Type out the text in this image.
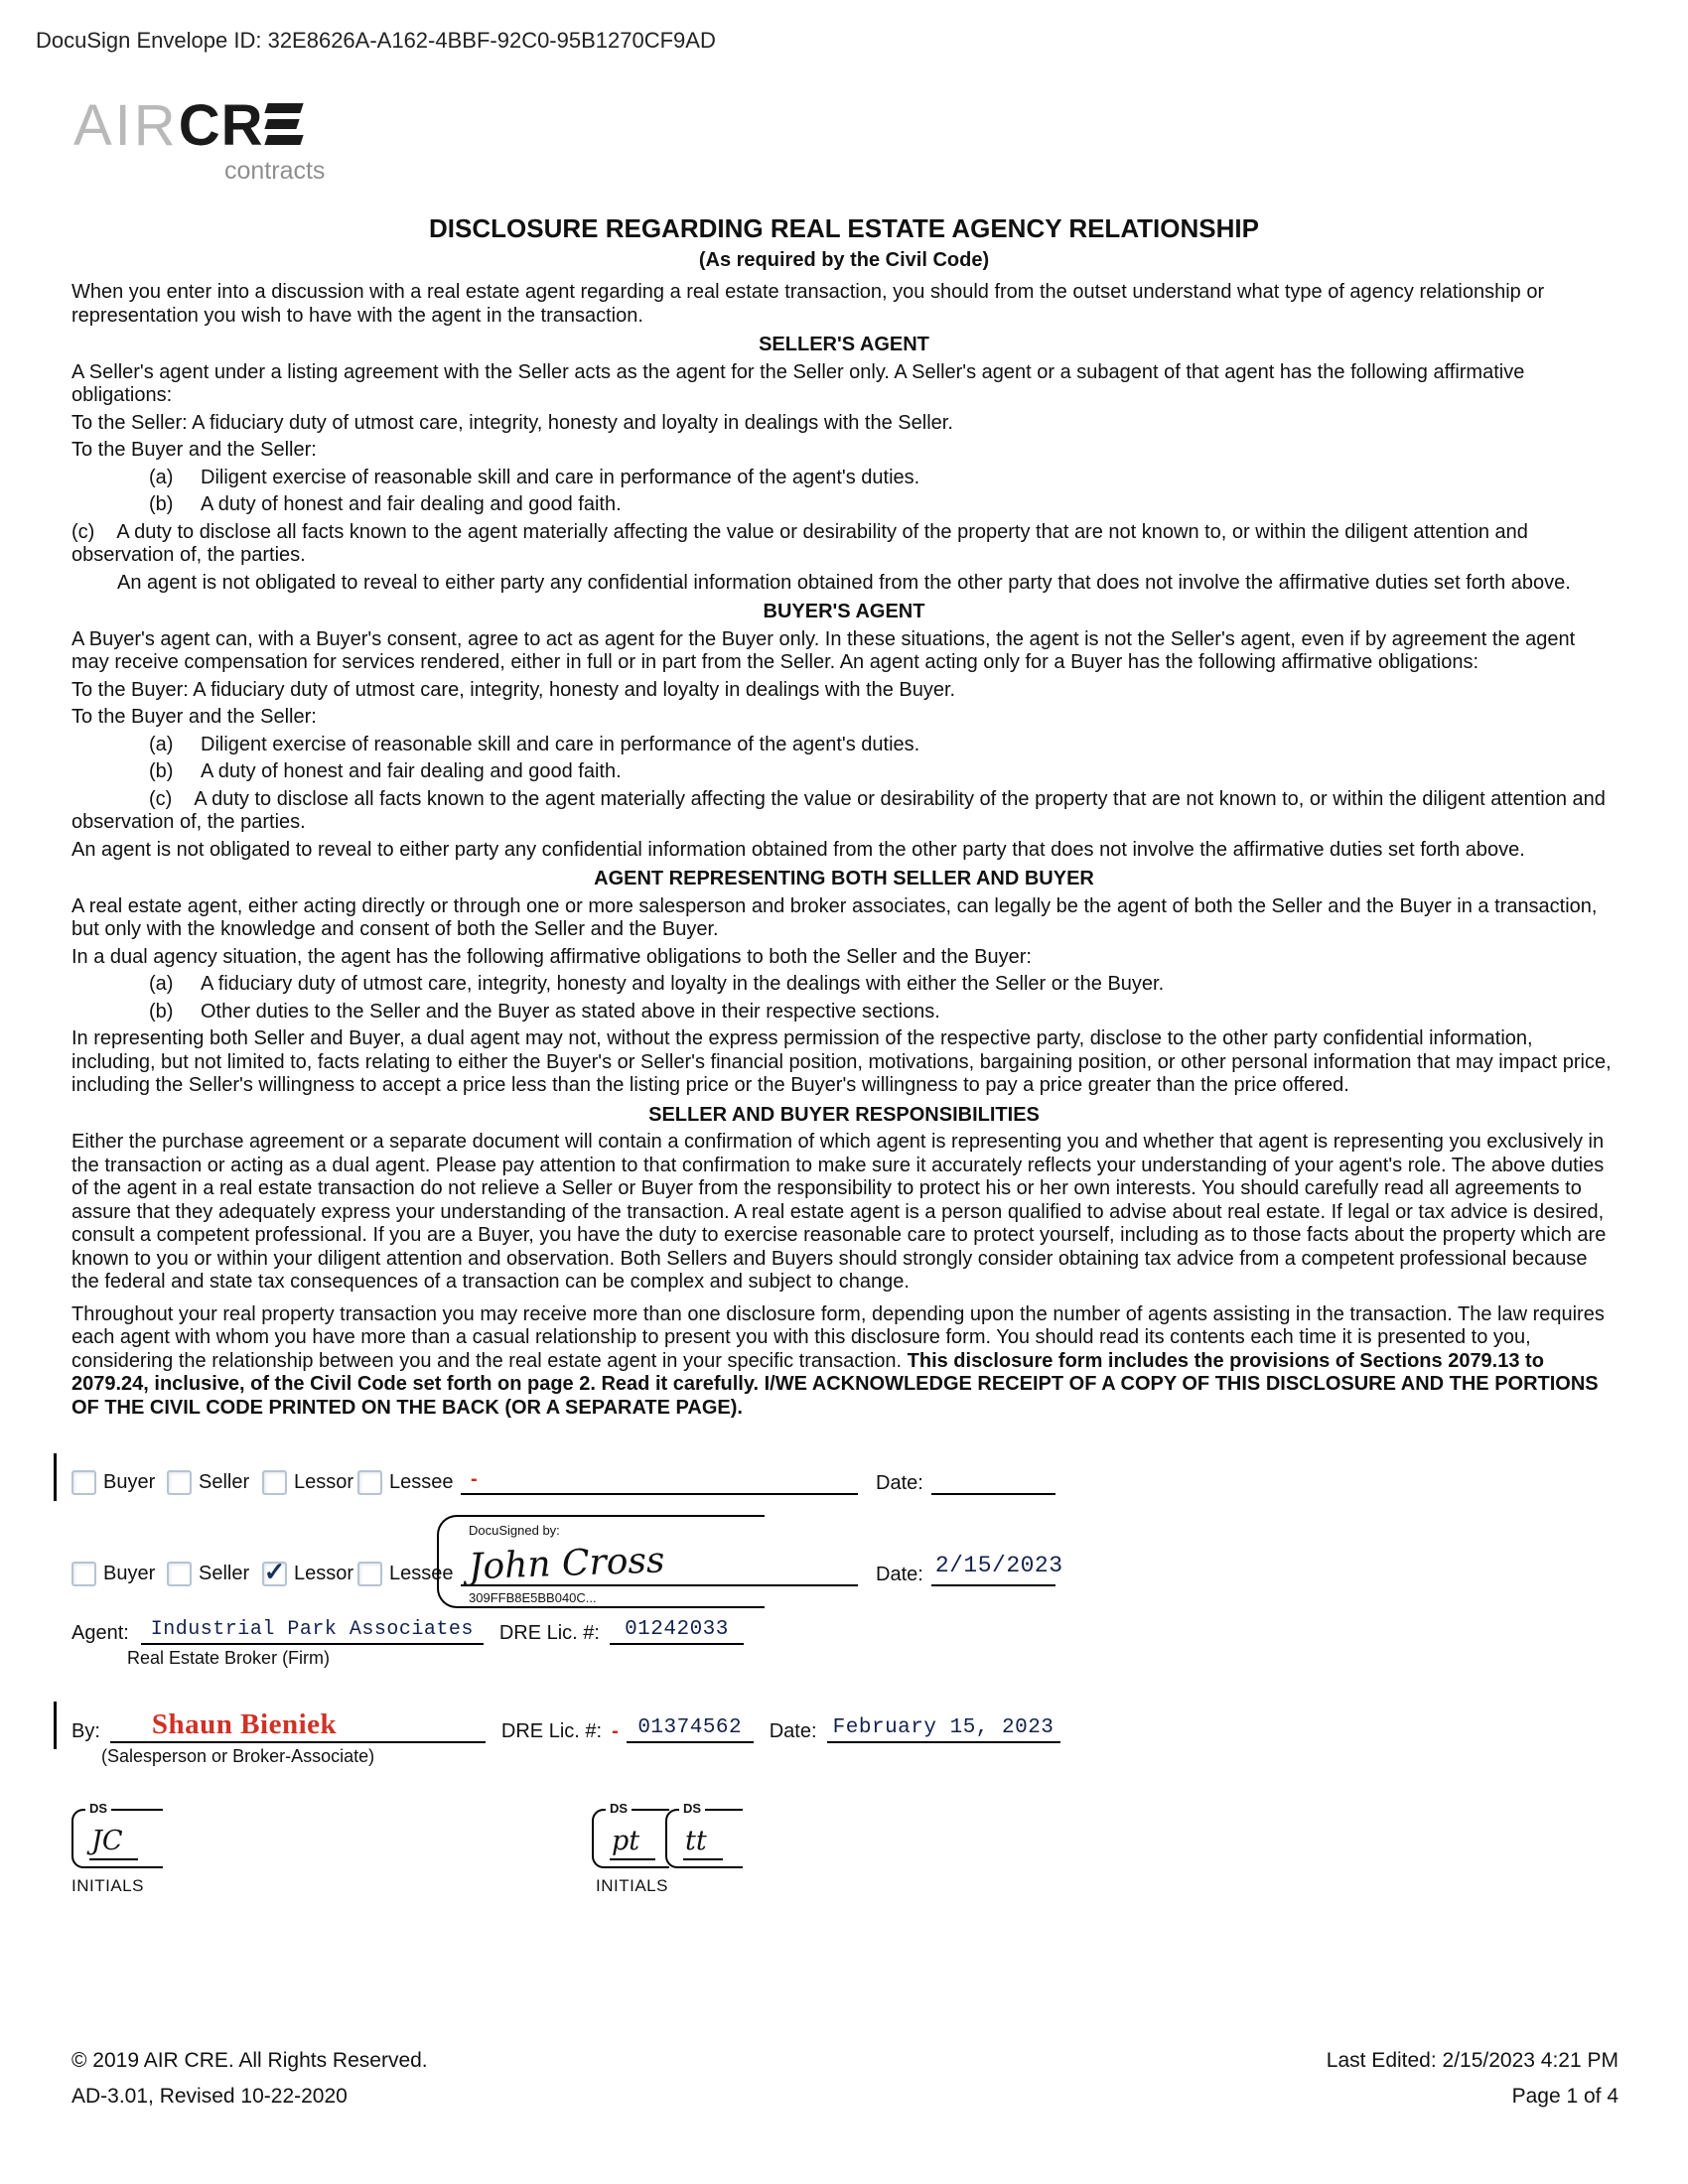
DocuSign Envelope ID: 32E8626A-A162-4BBF-92C0-95B1270CF9AD
AIRCR
contracts
DISCLOSURE REGARDING REAL ESTATE AGENCY RELATIONSHIP
(As required by the Civil Code)

When you enter into a discussion with a real estate agent regarding a real estate transaction, you should from the outset understand what type of agency relationship or representation you wish to have with the agent in the transaction.

SELLER'S AGENT

A Seller's agent under a listing agreement with the Seller acts as the agent for the Seller only. A Seller's agent or a subagent of that agent has the following affirmative obligations:

To the Seller: A fiduciary duty of utmost care, integrity, honesty and loyalty in dealings with the Seller.

To the Buyer and the Seller:

(a) Diligent exercise of reasonable skill and care in performance of the agent's duties.
(b) A duty of honest and fair dealing and good faith.

(c) A duty to disclose all facts known to the agent materially affecting the value or desirability of the property that are not known to, or within the diligent attention and observation of, the parties.

An agent is not obligated to reveal to either party any confidential information obtained from the other party that does not involve the affirmative duties set forth above.

BUYER'S AGENT

A Buyer's agent can, with a Buyer's consent, agree to act as agent for the Buyer only. In these situations, the agent is not the Seller's agent, even if by agreement the agent may receive compensation for services rendered, either in full or in part from the Seller. An agent acting only for a Buyer has the following affirmative obligations:

To the Buyer: A fiduciary duty of utmost care, integrity, honesty and loyalty in dealings with the Buyer.

To the Buyer and the Seller:

(a) Diligent exercise of reasonable skill and care in performance of the agent's duties.
(b) A duty of honest and fair dealing and good faith.

(c) A duty to disclose all facts known to the agent materially affecting the value or desirability of the property that are not known to, or within the diligent attention and observation of, the parties.

An agent is not obligated to reveal to either party any confidential information obtained from the other party that does not involve the affirmative duties set forth above.

AGENT REPRESENTING BOTH SELLER AND BUYER

A real estate agent, either acting directly or through one or more salesperson and broker associates, can legally be the agent of both the Seller and the Buyer in a transaction, but only with the knowledge and consent of both the Seller and the Buyer.

In a dual agency situation, the agent has the following affirmative obligations to both the Seller and the Buyer:

(a) A fiduciary duty of utmost care, integrity, honesty and loyalty in the dealings with either the Seller or the Buyer.
(b) Other duties to the Seller and the Buyer as stated above in their respective sections.

In representing both Seller and Buyer, a dual agent may not, without the express permission of the respective party, disclose to the other party confidential information, including, but not limited to, facts relating to either the Buyer's or Seller's financial position, motivations, bargaining position, or other personal information that may impact price, including the Seller's willingness to accept a price less than the listing price or the Buyer's willingness to pay a price greater than the price offered.

SELLER AND BUYER RESPONSIBILITIES

Either the purchase agreement or a separate document will contain a confirmation of which agent is representing you and whether that agent is representing you exclusively in the transaction or acting as a dual agent. Please pay attention to that confirmation to make sure it accurately reflects your understanding of your agent's role. The above duties of the agent in a real estate transaction do not relieve a Seller or Buyer from the responsibility to protect his or her own interests. You should carefully read all agreements to assure that they adequately express your understanding of the transaction. A real estate agent is a person qualified to advise about real estate. If legal or tax advice is desired, consult a competent professional. If you are a Buyer, you have the duty to exercise reasonable care to protect yourself, including as to those facts about the property which are known to you or within your diligent attention and observation. Both Sellers and Buyers should strongly consider obtaining tax advice from a competent professional because the federal and state tax consequences of a transaction can be complex and subject to change.

Throughout your real property transaction you may receive more than one disclosure form, depending upon the number of agents assisting in the transaction. The law requires each agent with whom you have more than a casual relationship to present you with this disclosure form. You should read its contents each time it is presented to you, considering the relationship between you and the real estate agent in your specific transaction. This disclosure form includes the provisions of Sections 2079.13 to 2079.24, inclusive, of the Civil Code set forth on page 2. Read it carefully. I/WE ACKNOWLEDGE RECEIPT OF A COPY OF THIS DISCLOSURE AND THE PORTIONS OF THE CIVIL CODE PRINTED ON THE BACK (OR A SEPARATE PAGE).

Buyer Seller Lessor Lessee -	Date:
Buyer Seller ✓ Lessor Lessee
DocuSigned by:
John Cross
309FFB8E5BB040C...
Date: 2/15/2023
Agent:	Industrial Park Associates	DRE Lic. #:	01242033
Real Estate Broker (Firm)
By:	Shaun Bieniek	DRE Lic. #: - 01374562	Date: February 15, 2023
(Salesperson or Broker-Associate)
DS
JC
INITIALS
DS
pt
DS
tt
INITIALS
© 2019 AIR CRE. All Rights Reserved.	Last Edited: 2/15/2023 4:21 PM
AD-3.01, Revised 10-22-2020	Page 1 of 4
